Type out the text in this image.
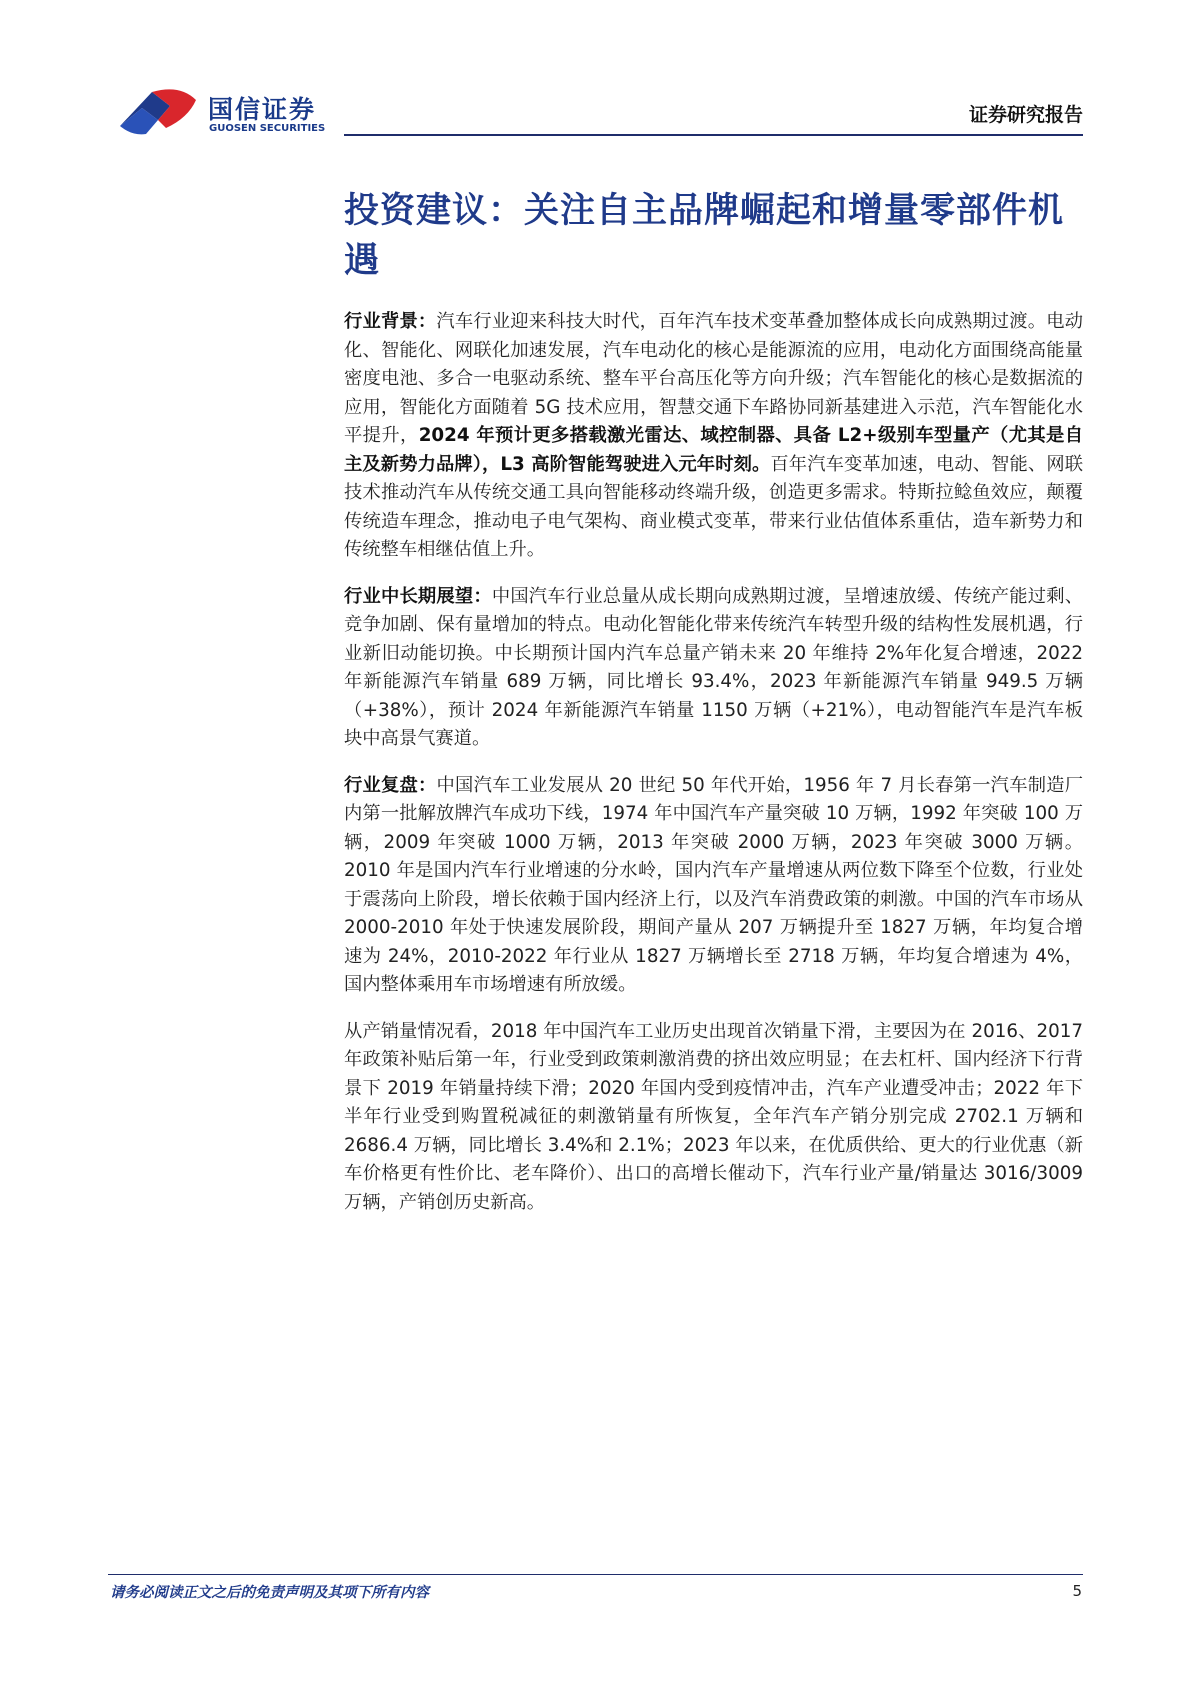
国信证券
GUOSEN SECURITIES
证券研究报告
投资建议：关注自主品牌崛起和增量零部件机遇

行业背景：汽车行业迎来科技大时代，百年汽车技术变革叠加整体成长向成熟期过渡。电动化、智能化、网联化加速发展，汽车电动化的核心是能源流的应用，电动化方面围绕高能量密度电池、多合一电驱动系统、整车平台高压化等方向升级；汽车智能化的核心是数据流的应用，智能化方面随着 5G 技术应用，智慧交通下车路协同新基建进入示范，汽车智能化水平提升，2024 年预计更多搭载激光雷达、域控制器、具备 L2+级别车型量产（尤其是自主及新势力品牌），L3 高阶智能驾驶进入元年时刻。百年汽车变革加速，电动、智能、网联技术推动汽车从传统交通工具向智能移动终端升级，创造更多需求。特斯拉鲶鱼效应，颠覆传统造车理念，推动电子电气架构、商业模式变革，带来行业估值体系重估，造车新势力和传统整车相继估值上升。

行业中长期展望：中国汽车行业总量从成长期向成熟期过渡，呈增速放缓、传统产能过剩、竞争加剧、保有量增加的特点。电动化智能化带来传统汽车转型升级的结构性发展机遇，行业新旧动能切换。中长期预计国内汽车总量产销未来 20 年维持 2%年化复合增速，2022 年新能源汽车销量 689 万辆，同比增长 93.4%，2023 年新能源汽车销量 949.5 万辆（+38%），预计 2024 年新能源汽车销量 1150 万辆（+21%），电动智能汽车是汽车板块中高景气赛道。

行业复盘：中国汽车工业发展从 20 世纪 50 年代开始，1956 年 7 月长春第一汽车制造厂内第一批解放牌汽车成功下线，1974 年中国汽车产量突破 10 万辆，1992 年突破 100 万辆，2009 年突破 1000 万辆，2013 年突破 2000 万辆，2023 年突破 3000 万辆。2010 年是国内汽车行业增速的分水岭，国内汽车产量增速从两位数下降至个位数，行业处于震荡向上阶段，增长依赖于国内经济上行，以及汽车消费政策的刺激。中国的汽车市场从 2000-2010 年处于快速发展阶段，期间产量从 207 万辆提升至 1827 万辆，年均复合增速为 24%，2010-2022 年行业从 1827 万辆增长至 2718 万辆，年均复合增速为 4%，国内整体乘用车市场增速有所放缓。

从产销量情况看，2018 年中国汽车工业历史出现首次销量下滑，主要因为在 2016、2017 年政策补贴后第一年，行业受到政策刺激消费的挤出效应明显；在去杠杆、国内经济下行背景下 2019 年销量持续下滑；2020 年国内受到疫情冲击，汽车产业遭受冲击；2022 年下半年行业受到购置税减征的刺激销量有所恢复，全年汽车产销分别完成 2702.1 万辆和 2686.4 万辆，同比增长 3.4%和 2.1%；2023 年以来，在优质供给、更大的行业优惠（新车价格更有性价比、老车降价）、出口的高增长催动下，汽车行业产量/销量达 3016/3009 万辆，产销创历史新高。

请务必阅读正文之后的免责声明及其项下所有内容	5
